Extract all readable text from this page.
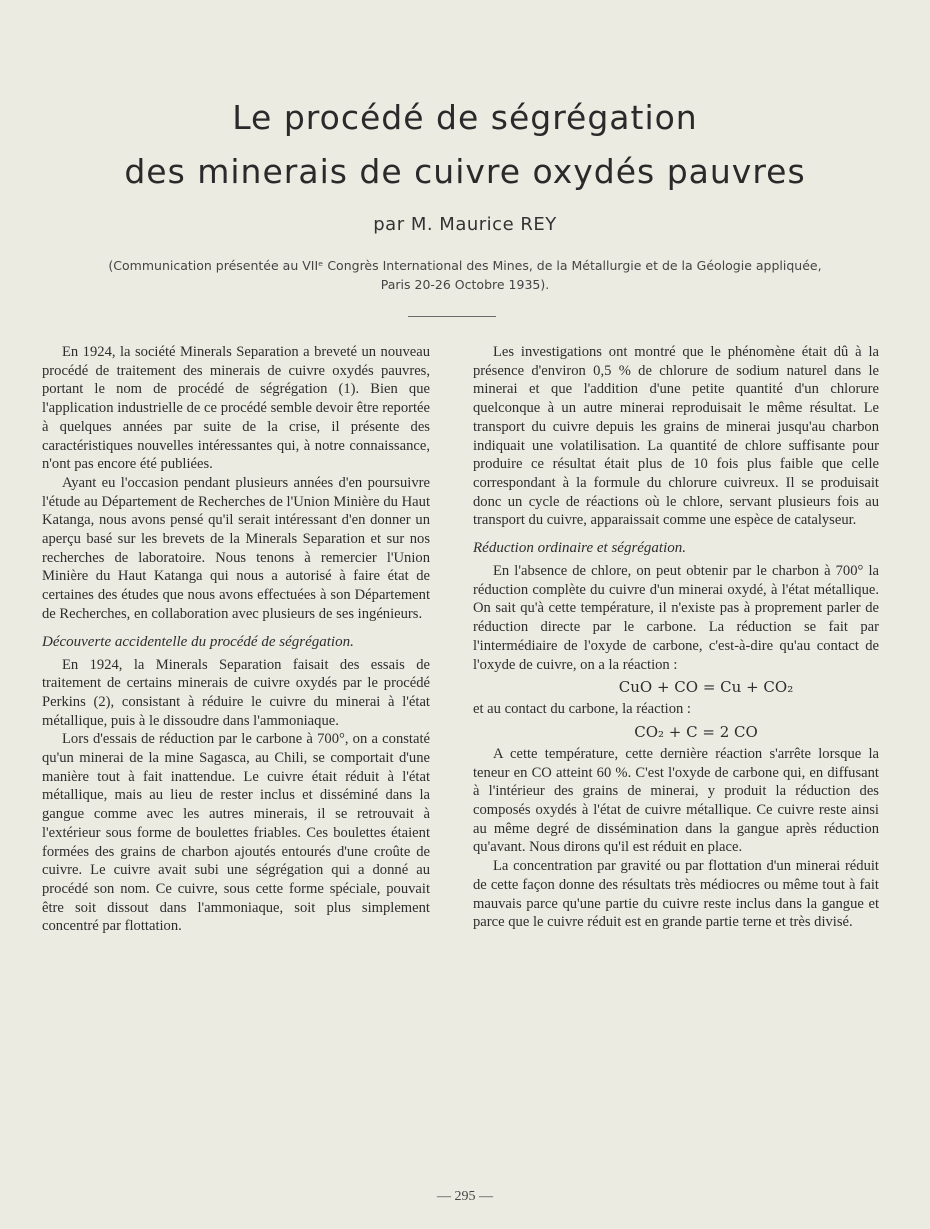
Le procédé de ségrégation
des minerais de cuivre oxydés pauvres
par M. Maurice REY
(Communication présentée au VIIᵉ Congrès International des Mines, de la Métallurgie et de la Géologie appliquée,
Paris 20-26 Octobre 1935).

En 1924, la société Minerals Separation a breveté un nouveau procédé de traitement des minerais de cuivre oxydés pauvres, portant le nom de procédé de ségrégation (1). Bien que l'application industrielle de ce procédé semble devoir être reportée à quelques années par suite de la crise, il présente des caractéristiques nouvelles intéressantes qui, à notre connaissance, n'ont pas encore été publiées.

Ayant eu l'occasion pendant plusieurs années d'en poursuivre l'étude au Département de Recherches de l'Union Minière du Haut Katanga, nous avons pensé qu'il serait intéressant d'en donner un aperçu basé sur les brevets de la Minerals Separation et sur nos recherches de laboratoire. Nous tenons à remercier l'Union Minière du Haut Katanga qui nous a autorisé à faire état de certaines des études que nous avons effectuées à son Département de Recherches, en collaboration avec plusieurs de ses ingénieurs.

Découverte accidentelle du procédé de ségrégation.

En 1924, la Minerals Separation faisait des essais de traitement de certains minerais de cuivre oxydés par le procédé Perkins (2), consistant à réduire le cuivre du minerai à l'état métallique, puis à le dissoudre dans l'ammoniaque.

Lors d'essais de réduction par le carbone à 700°, on a constaté qu'un minerai de la mine Sagasca, au Chili, se comportait d'une manière tout à fait inattendue. Le cuivre était réduit à l'état métallique, mais au lieu de rester inclus et disséminé dans la gangue comme avec les autres minerais, il se retrouvait à l'extérieur sous forme de boulettes friables. Ces boulettes étaient formées des grains de charbon ajoutés entourés d'une croûte de cuivre. Le cuivre avait subi une ségrégation qui a donné au procédé son nom. Ce cuivre, sous cette forme spéciale, pouvait être soit dissout dans l'ammoniaque, soit plus simplement concentré par flottation.

Les investigations ont montré que le phénomène était dû à la présence d'environ 0,5 % de chlorure de sodium naturel dans le minerai et que l'addition d'une petite quantité d'un chlorure quelconque à un autre minerai reproduisait le même résultat. Le transport du cuivre depuis les grains de minerai jusqu'au charbon indiquait une volatilisation. La quantité de chlore suffisante pour produire ce résultat était plus de 10 fois plus faible que celle correspondant à la formule du chlorure cuivreux. Il se produisait donc un cycle de réactions où le chlore, servant plusieurs fois au transport du cuivre, apparaissait comme une espèce de catalyseur.

Réduction ordinaire et ségrégation.

En l'absence de chlore, on peut obtenir par le charbon à 700° la réduction complète du cuivre d'un minerai oxydé, à l'état métallique. On sait qu'à cette température, il n'existe pas à proprement parler de réduction directe par le carbone. La réduction se fait par l'intermédiaire de l'oxyde de carbone, c'est-à-dire qu'au contact de l'oxyde de cuivre, on a la réaction :

CuO + CO = Cu + CO₂

et au contact du carbone, la réaction :

CO₂ + C = 2 CO

A cette température, cette dernière réaction s'arrête lorsque la teneur en CO atteint 60 %. C'est l'oxyde de carbone qui, en diffusant à l'intérieur des grains de minerai, y produit la réduction des composés oxydés à l'état de cuivre métallique. Ce cuivre reste ainsi au même degré de dissémination dans la gangue après réduction qu'avant. Nous dirons qu'il est réduit en place.

La concentration par gravité ou par flottation d'un minerai réduit de cette façon donne des résultats très médiocres ou même tout à fait mauvais parce qu'une partie du cuivre reste inclus dans la gangue et parce que le cuivre réduit est en grande partie terne et très divisé.

— 295 —
